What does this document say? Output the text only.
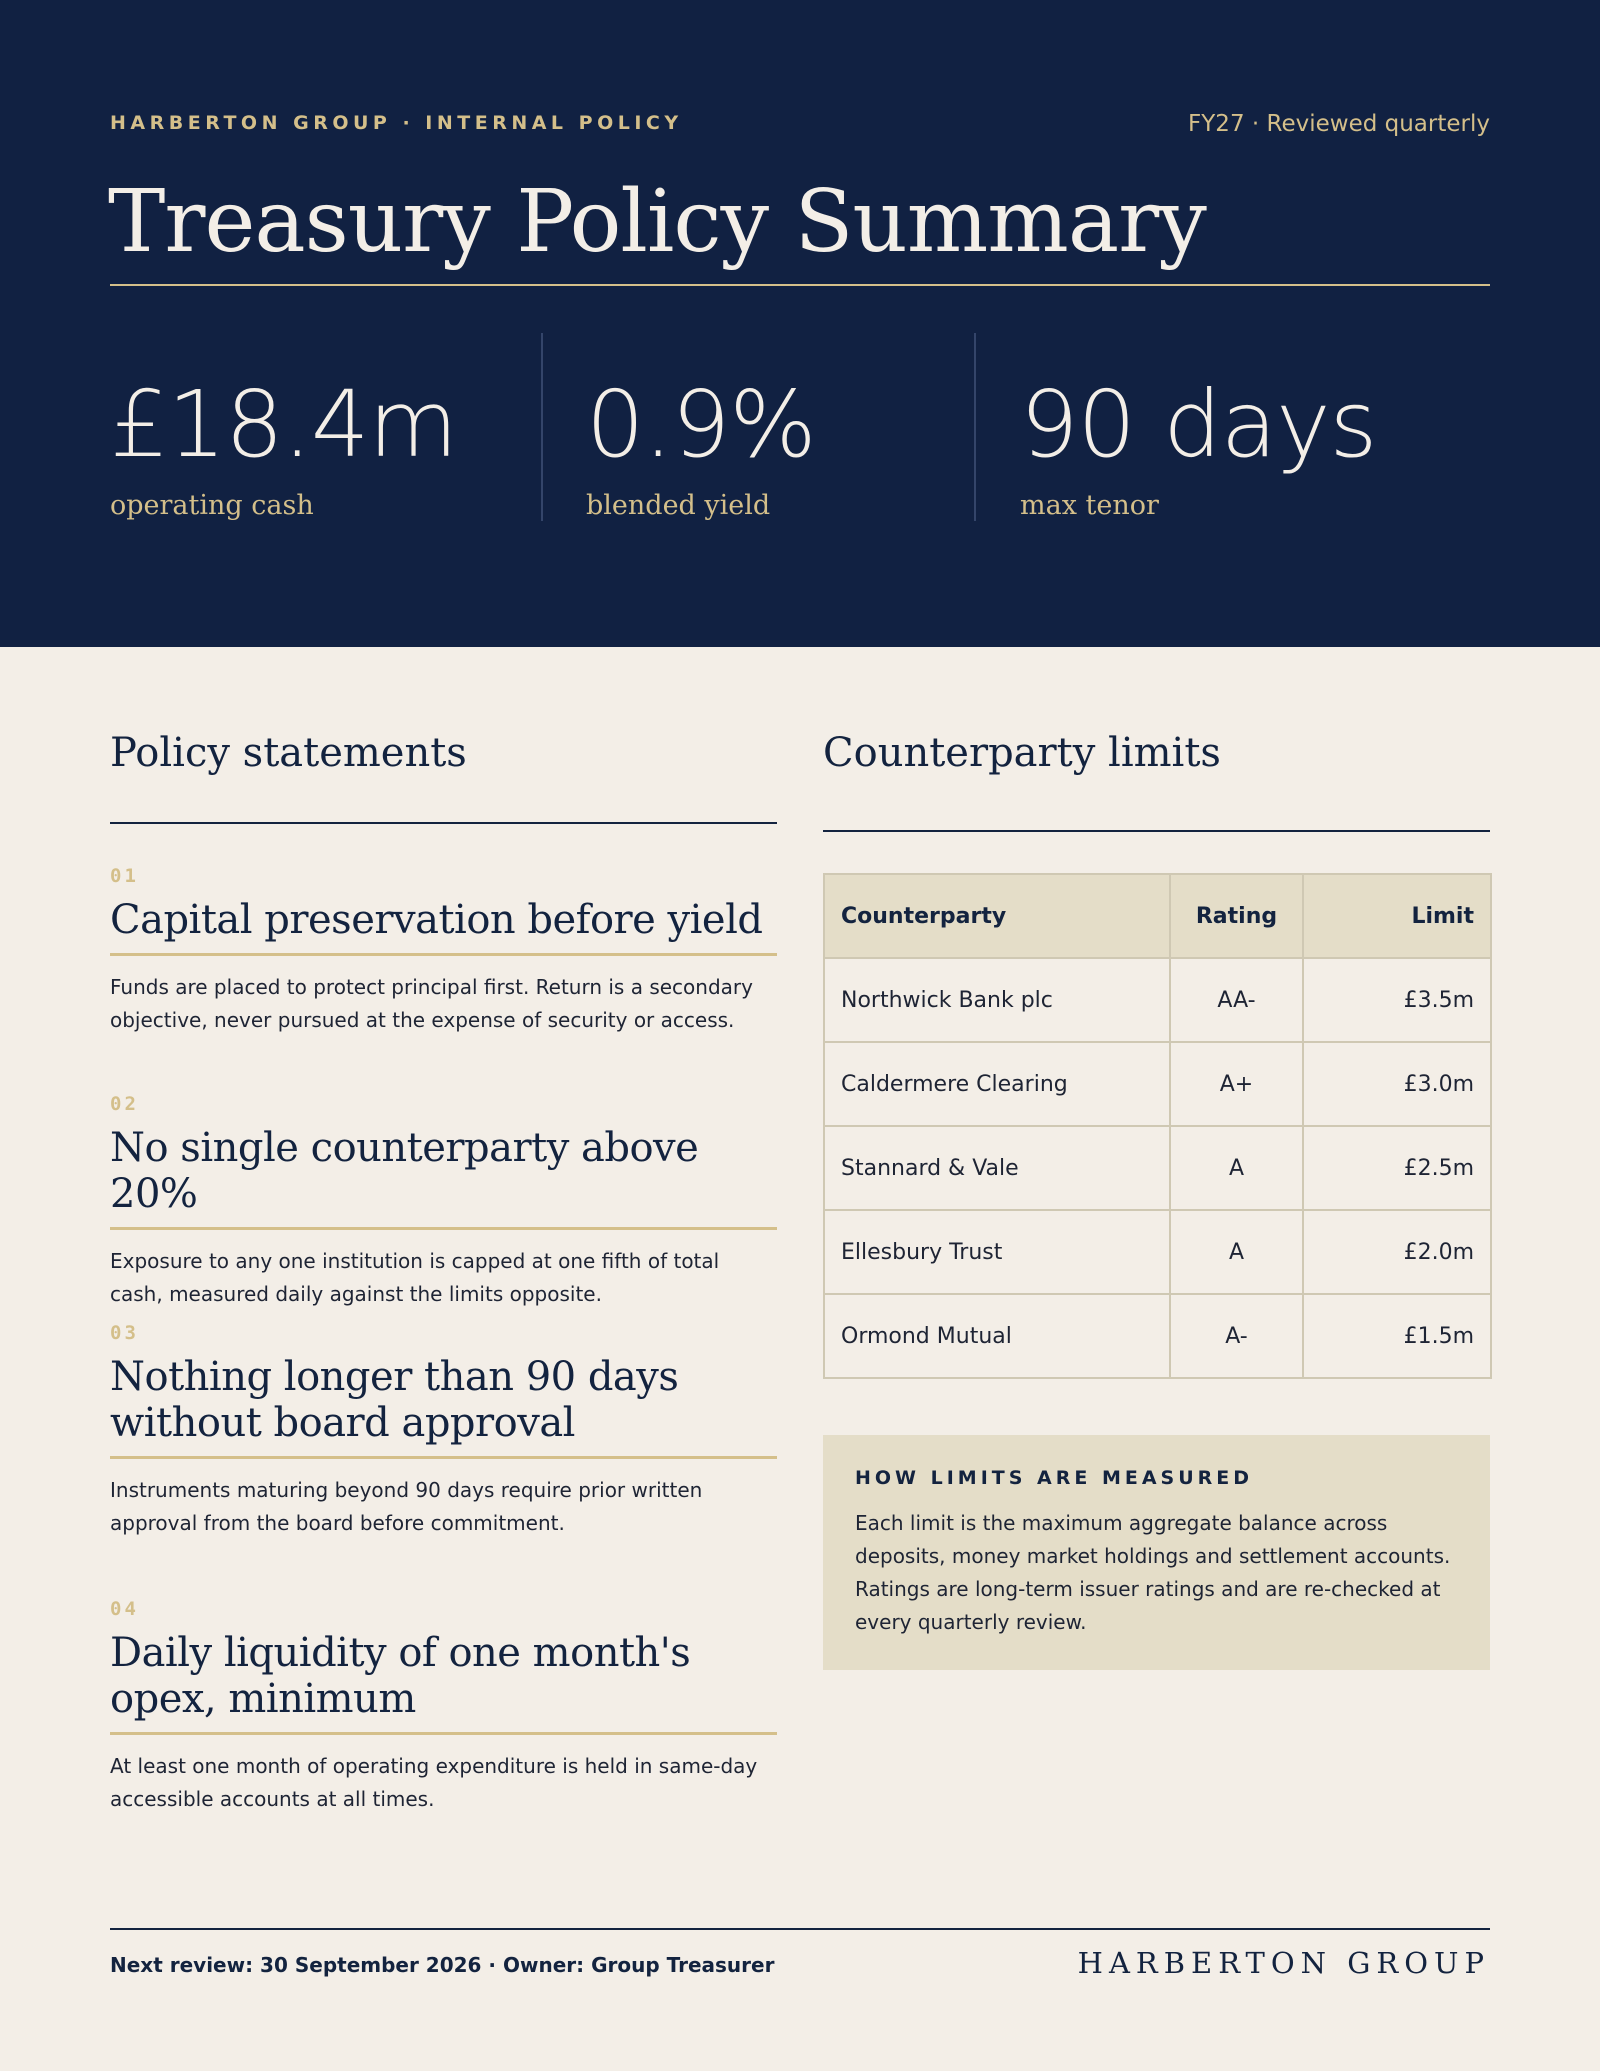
HARBERTON GROUP · INTERNAL POLICY	FY27 · Reviewed quarterly
Treasury Policy Summary
£18.4m
operating cash
0.9%
blended yield
90 days
max tenor
Policy statements
01
Capital preservation before yield
Funds are placed to protect principal first. Return is a secondary objective, never pursued at the expense of security or access.
02
No single counterparty above 20%
Exposure to any one institution is capped at one fifth of total cash, measured daily against the limits opposite.
03
Nothing longer than 90 days without board approval
Instruments maturing beyond 90 days require prior written approval from the board before commitment.
04
Daily liquidity of one month's opex, minimum
At least one month of operating expenditure is held in same-day accessible accounts at all times.
Counterparty limits
Counterparty	Rating	Limit
Northwick Bank plc	AA-	£3.5m
Caldermere Clearing	A+	£3.0m
Stannard & Vale	A	£2.5m
Ellesbury Trust	A	£2.0m
Ormond Mutual	A-	£1.5m
HOW LIMITS ARE MEASURED
Each limit is the maximum aggregate balance across deposits, money market holdings and settlement accounts. Ratings are long-term issuer ratings and are re-checked at every quarterly review.
Next review: 30 September 2026 · Owner: Group Treasurer	HARBERTON GROUP
